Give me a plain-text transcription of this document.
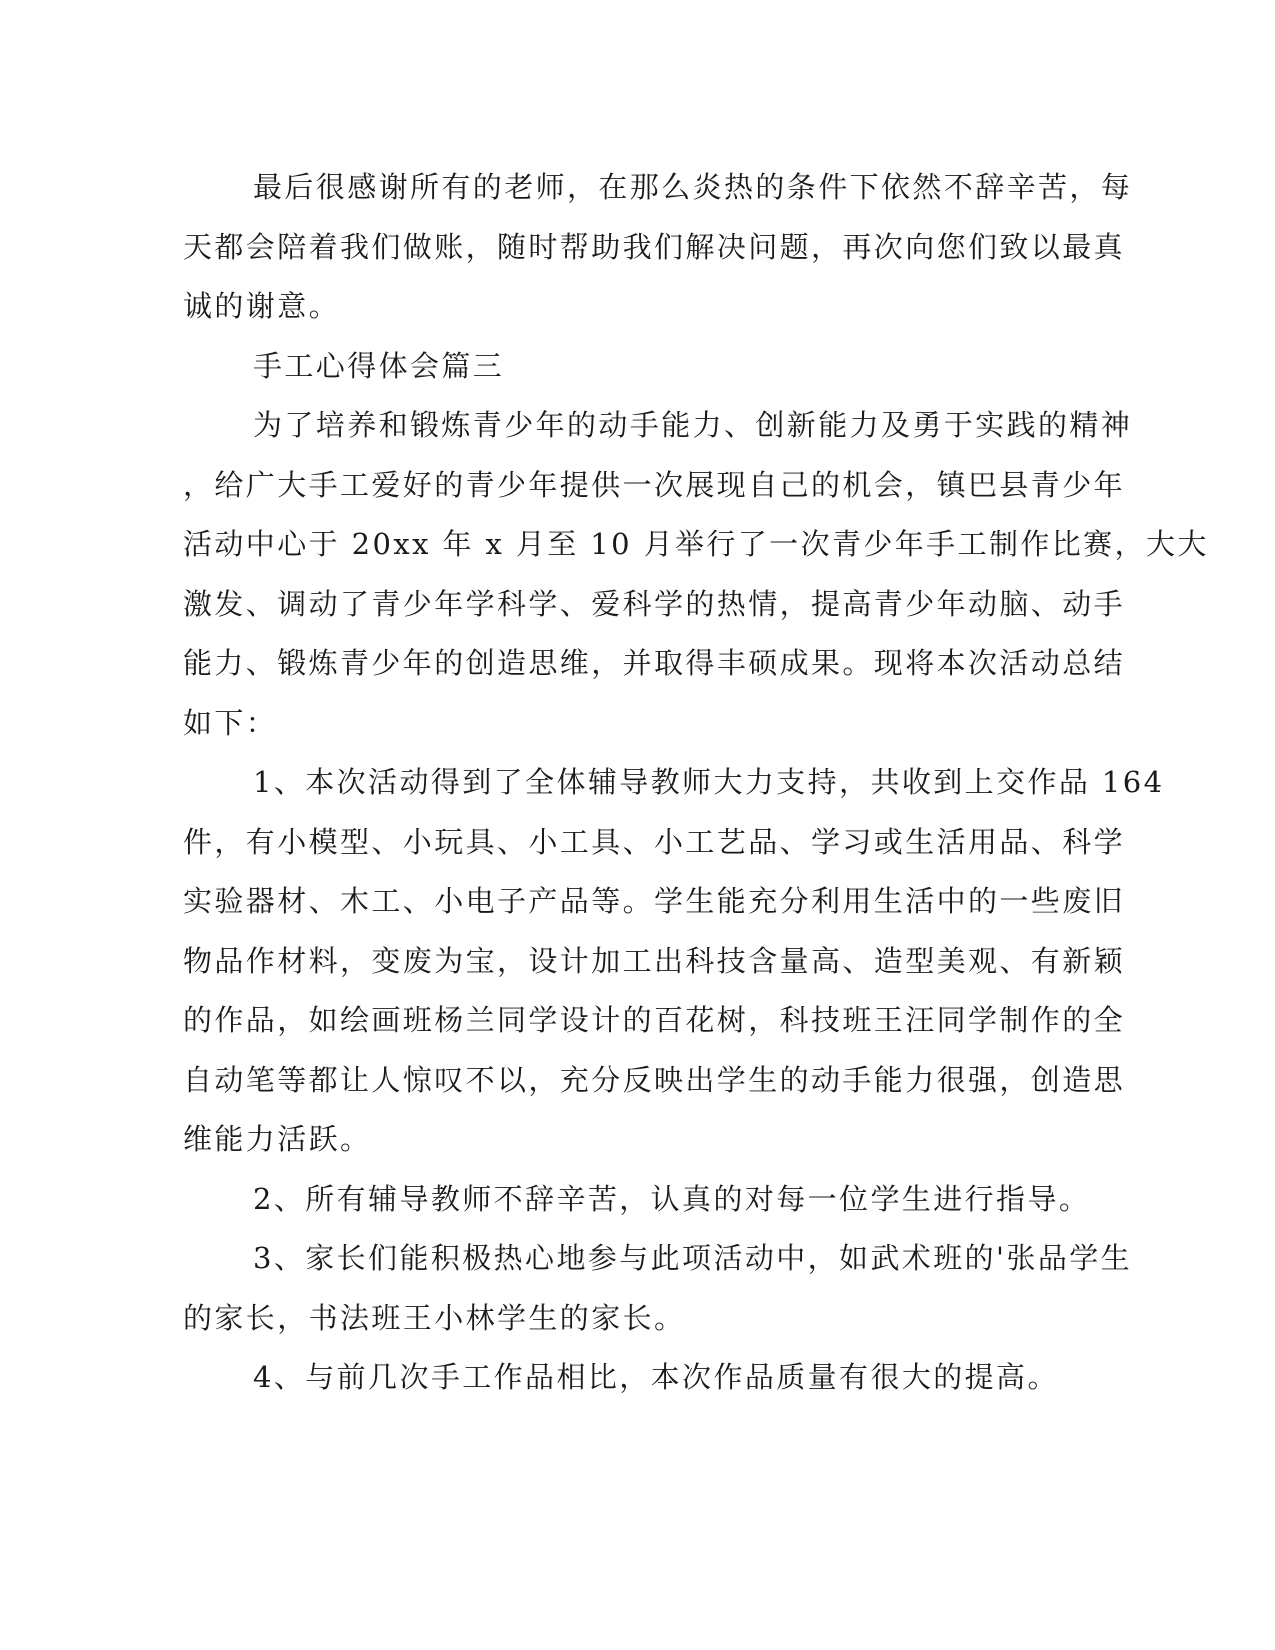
最后很感谢所有的老师，在那么炎热的条件下依然不辞辛苦，每
天都会陪着我们做账，随时帮助我们解决问题，再次向您们致以最真
诚的谢意。
手工心得体会篇三
为了培养和锻炼青少年的动手能力、创新能力及勇于实践的精神
，给广大手工爱好的青少年提供一次展现自己的机会，镇巴县青少年
活动中心于 20xx 年 x 月至 10 月举行了一次青少年手工制作比赛，大大
激发、调动了青少年学科学、爱科学的热情，提高青少年动脑、动手
能力、锻炼青少年的创造思维，并取得丰硕成果。现将本次活动总结
如下：
1、本次活动得到了全体辅导教师大力支持，共收到上交作品 164
件，有小模型、小玩具、小工具、小工艺品、学习或生活用品、科学
实验器材、木工、小电子产品等。学生能充分利用生活中的一些废旧
物品作材料，变废为宝，设计加工出科技含量高、造型美观、有新颖
的作品，如绘画班杨兰同学设计的百花树，科技班王汪同学制作的全
自动笔等都让人惊叹不以，充分反映出学生的动手能力很强，创造思
维能力活跃。
2、所有辅导教师不辞辛苦，认真的对每一位学生进行指导。
3、家长们能积极热心地参与此项活动中，如武术班的'张品学生
的家长，书法班王小林学生的家长。
4、与前几次手工作品相比，本次作品质量有很大的提高。
